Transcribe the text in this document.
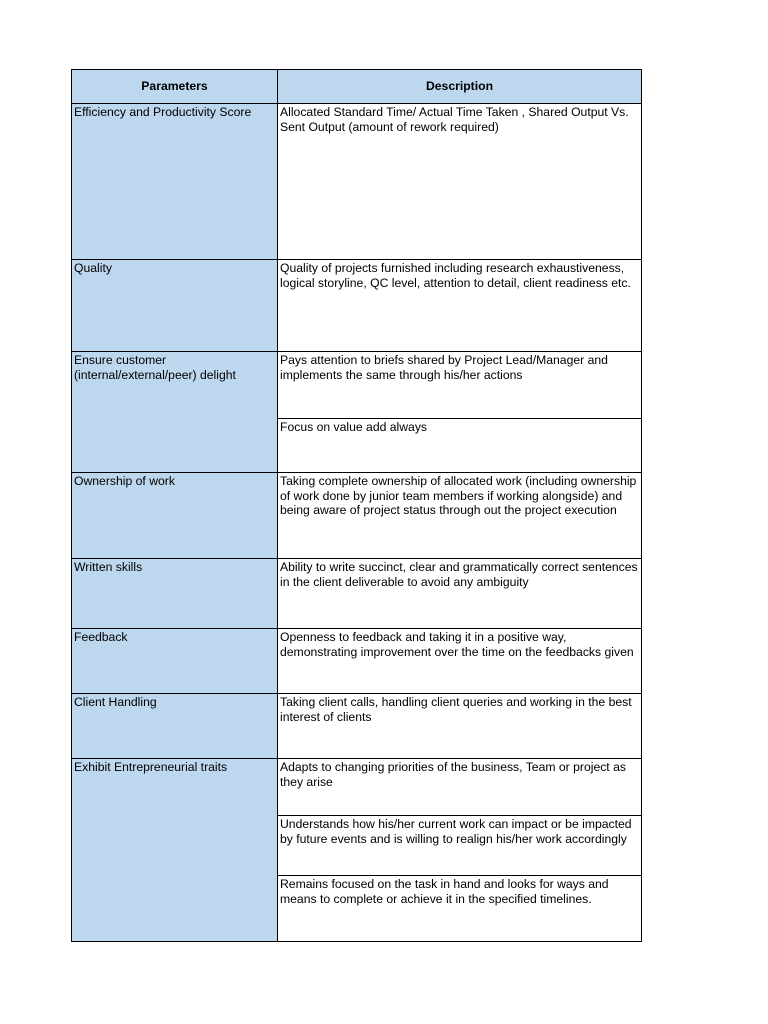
Parameters	Description
Efficiency and Productivity Score	Allocated Standard Time/ Actual Time Taken , Shared Output Vs. Sent Output (amount of rework required)
Quality	Quality of projects furnished including research exhaustiveness, logical storyline, QC level, attention to detail, client readiness etc.
Ensure customer (internal/external/peer) delight	Pays attention to briefs shared by Project Lead/Manager and implements the same through his/her actions
	Focus on value add always
Ownership of work	Taking complete ownership of allocated work (including ownership of work done by junior team members if working alongside) and being aware of project status through out the project execution
Written skills	Ability to write succinct, clear and grammatically correct sentences in the client deliverable to avoid any ambiguity
Feedback	Openness to feedback and taking it in a positive way, demonstrating improvement over the time on the feedbacks given
Client Handling	Taking client calls, handling client queries and working in the best interest of clients
Exhibit Entrepreneurial traits	Adapts to changing priorities of the business, Team or project as they arise
	Understands how his/her current work can impact or be impacted by future events and is willing to realign his/her work accordingly
	Remains focused on the task in hand and looks for ways and means to complete or achieve it in the specified timelines.
